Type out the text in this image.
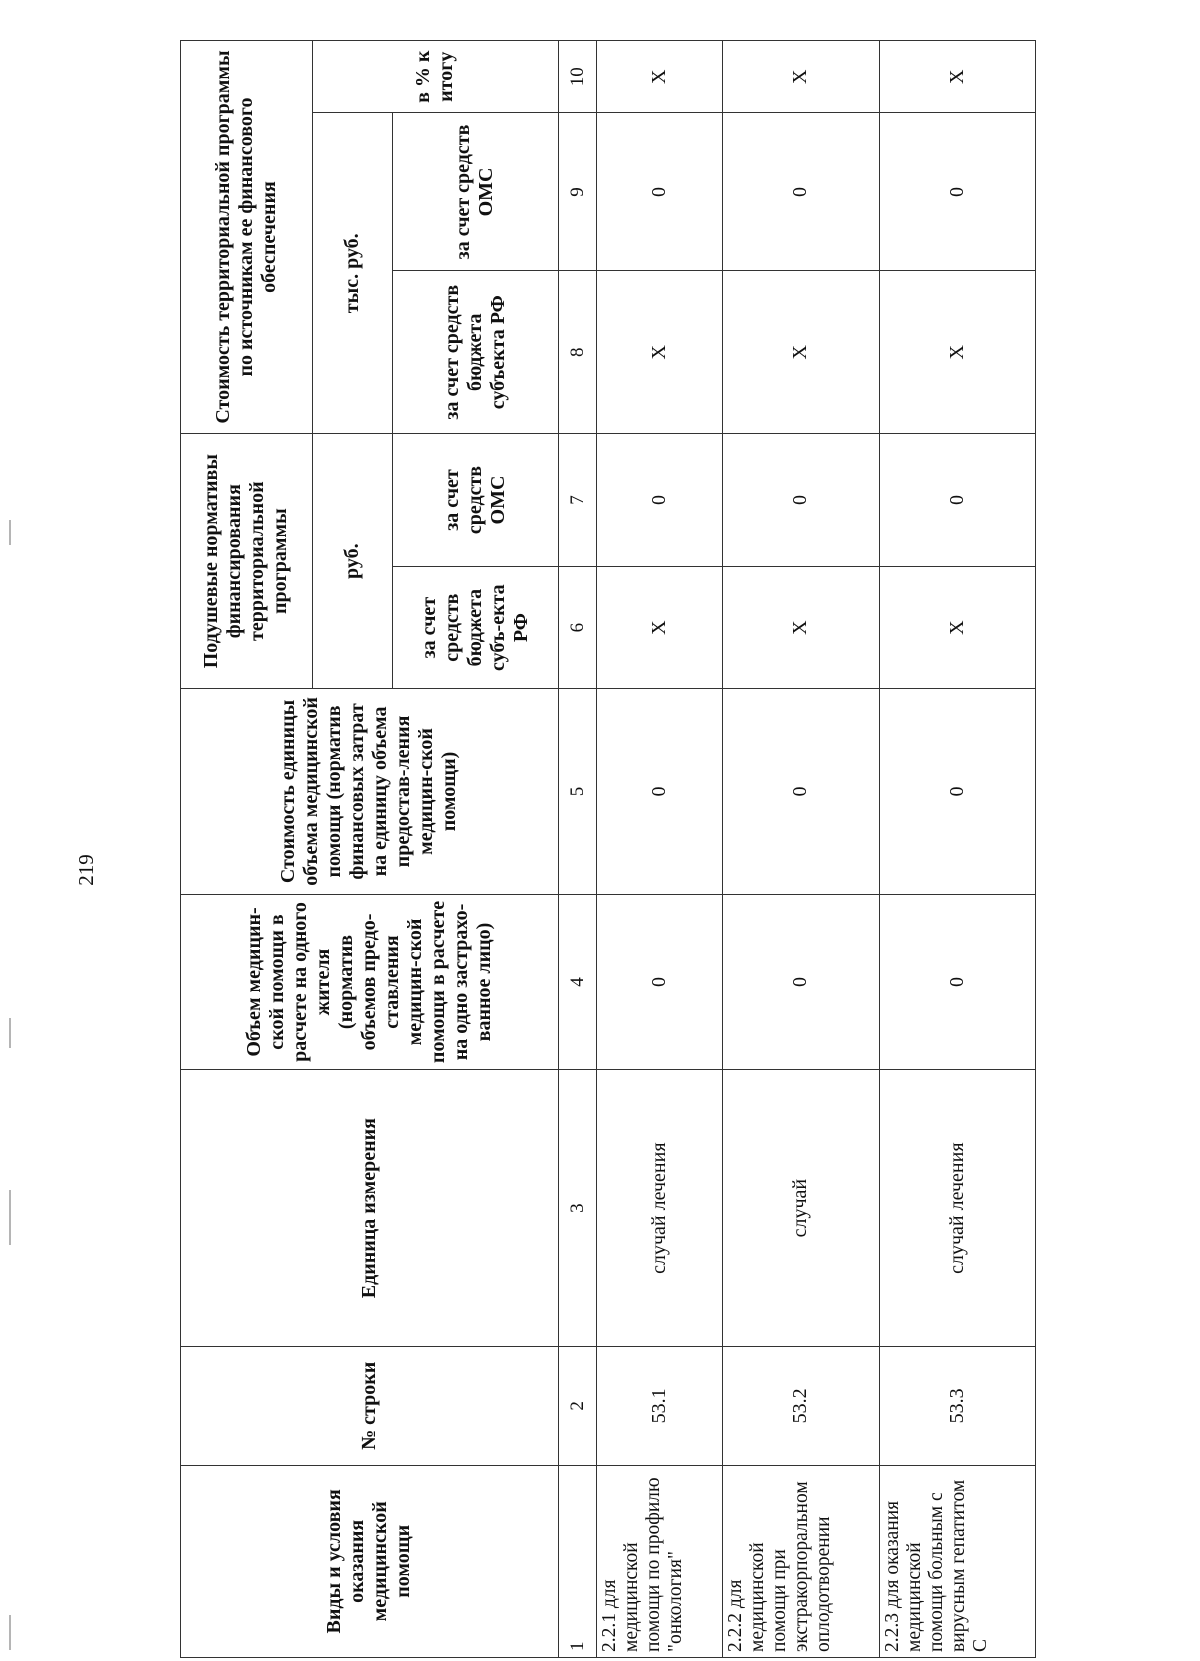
219
Виды и условия оказания медицинской помощи	№ строки	Единица измерения	Объем медицин-ской помощи в расчете на одного жителя (норматив объемов предо-ставления медицин-ской помощи в расчете на одно застрахо-ванное лицо)	Стоимость единицы объема медицинской помощи (норматив финансовых затрат на единицу объема предостав-ления медицин-ской помощи)	Подушевые нормативы финансирования территориальной программы		Стоимость территориальной программы по источникам ее финансового обеспечения		
					руб.		тыс. руб.		в % к итогу
					за счет средств бюджета субъ-екта РФ	за счет средств ОМС	за счет средств бюджета субъекта РФ	за счет средств ОМС	
1	2	3	4	5	6	7	8	9	10
2.2.1 для медицинской помощи по профилю "онкология"	53.1	случай лечения	0	0	X	0	X	0	X
2.2.2 для медицинской помощи при экстракорпоральном оплодотворении	53.2	случай	0	0	X	0	X	0	X
2.2.3 для оказания медицинской помощи больным с вирусным гепатитом С	53.3	случай лечения	0	0	X	0	X	0	X
